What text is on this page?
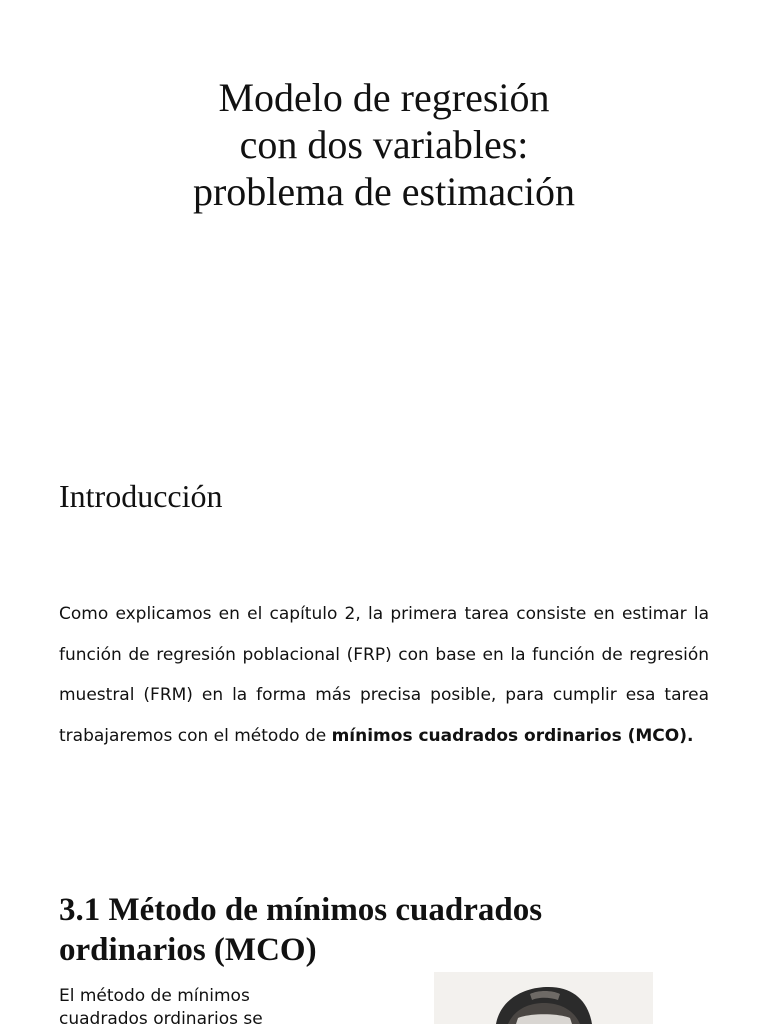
Modelo de regresión
con dos variables:
problema de estimación
Introducción

Como explicamos en el capítulo 2, la primera tarea consiste en estimar la función de regresión poblacional (FRP) con base en la función de regresión muestral (FRM) en la forma más precisa posible, para cumplir esa tarea trabajaremos con el método de mínimos cuadrados ordinarios (MCO).

3.1 Método de mínimos cuadrados
ordinarios (MCO)

El método de mínimos
cuadrados ordinarios se
